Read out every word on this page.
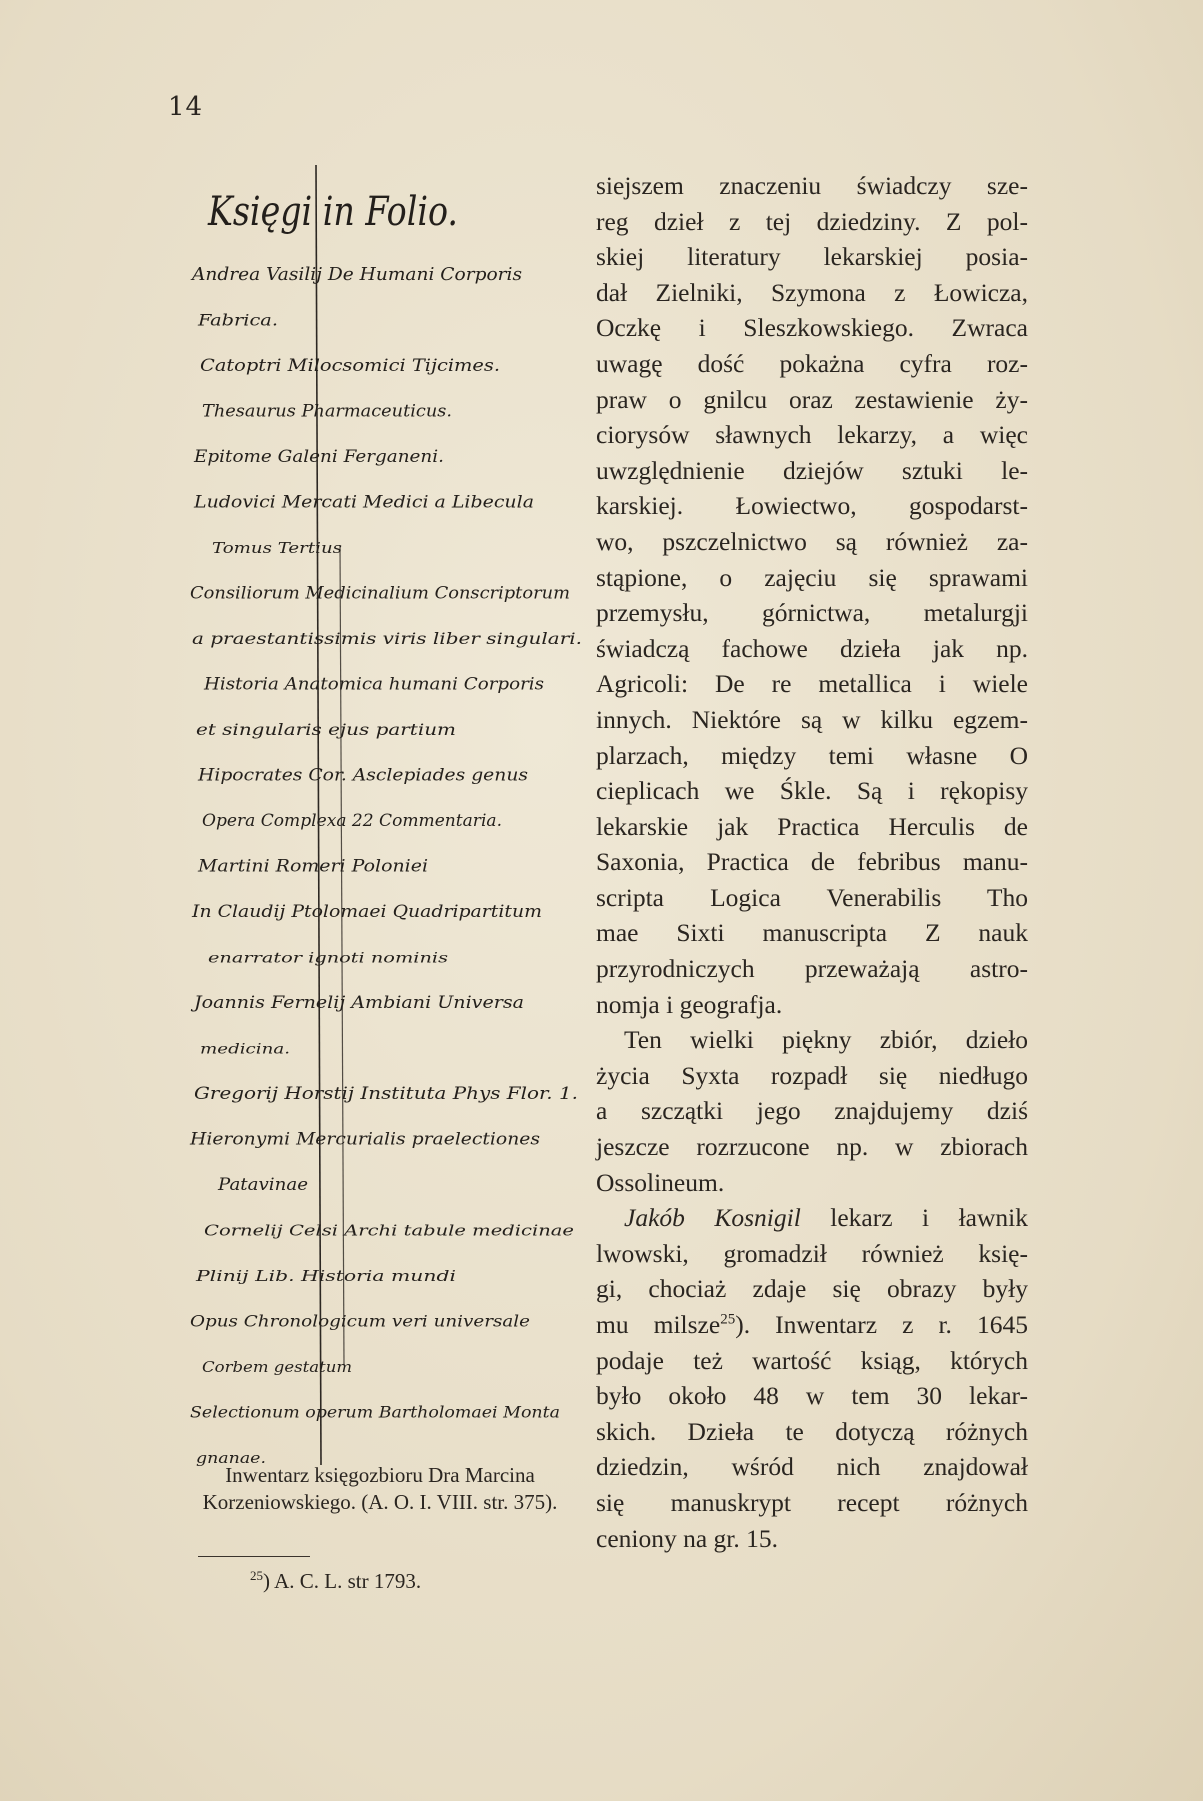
14
Księgi in Folio.
Andrea Vasilij De Humani Corporis
Fabrica.
Catoptri Milocsomici Tijcimes.
Thesaurus Pharmaceuticus.
Epitome Galeni Ferganeni.
Ludovici Mercati Medici a Libecula
Tomus Tertius
Consiliorum Medicinalium Conscriptorum
a praestantissimis viris liber singulari.
Historia Anatomica humani Corporis
et singularis ejus partium
Hipocrates Cor. Asclepiades genus
Opera Complexa 22 Commentaria.
Martini Romeri Poloniei
In Claudij Ptolomaei Quadripartitum
enarrator ignoti nominis
Joannis Fernelij Ambiani Universa
medicina.
Gregorij Horstij Instituta Phys Flor. 1.
Hieronymi Mercurialis praelectiones
Patavinae
Cornelij Celsi Archi tabule medicinae
Plinij Lib. Historia mundi
Opus Chronologicum veri universale
Corbem gestatum
Selectionum operum Bartholomaei Monta
gnanae.
Inwentarz księgozbioru Dra Marcina Korzeniowskiego. (A. O. I. VIII. str. 375).
$^{25}$) A. C. L. str 1793.

siejszem znaczeniu świadczy sze-
reg dzieł z tej dziedziny. Z pol-
skiej literatury lekarskiej posia-
dał Zielniki, Szymona z Łowicza,
Oczkę i Sleszkowskiego. Zwraca
uwagę dość pokażna cyfra roz-
praw o gnilcu oraz zestawienie ży-
ciorysów sławnych lekarzy, a więc
uwzględnienie dziejów sztuki le-
karskiej. Łowiectwo, gospodarst-
wo, pszczelnictwo są również za-
stąpione, o zajęciu się sprawami
przemysłu, górnictwa, metalurgji
świadczą fachowe dzieła jak np.
Agricoli: De re metallica i wiele
innych. Niektóre są w kilku egzem-
plarzach, między temi własne O
cieplicach we Śkle. Są i rękopisy
lekarskie jak Practica Herculis de
Saxonia, Practica de febribus manu-
scripta Logica Venerabilis Tho
mae Sixti manuscripta Z nauk
przyrodniczych przeważają astro-
nomja i geografja.

Ten wielki piękny zbiór, dzieło
życia Syxta rozpadł się niedługo
a szczątki jego znajdujemy dziś
jeszcze rozrzucone np. w zbiorach
Ossolineum.

Jakób Kosnigil lekarz i ławnik
lwowski, gromadził również księ-
gi, chociaż zdaje się obrazy były
mu milsze$^{25}$). Inwentarz z r. 1645
podaje też wartość ksiąg, których
było około 48 w tem 30 lekar-
skich. Dzieła te dotyczą różnych
dziedzin, wśród nich znajdował
się manuskrypt recept różnych
ceniony na gr. 15.
